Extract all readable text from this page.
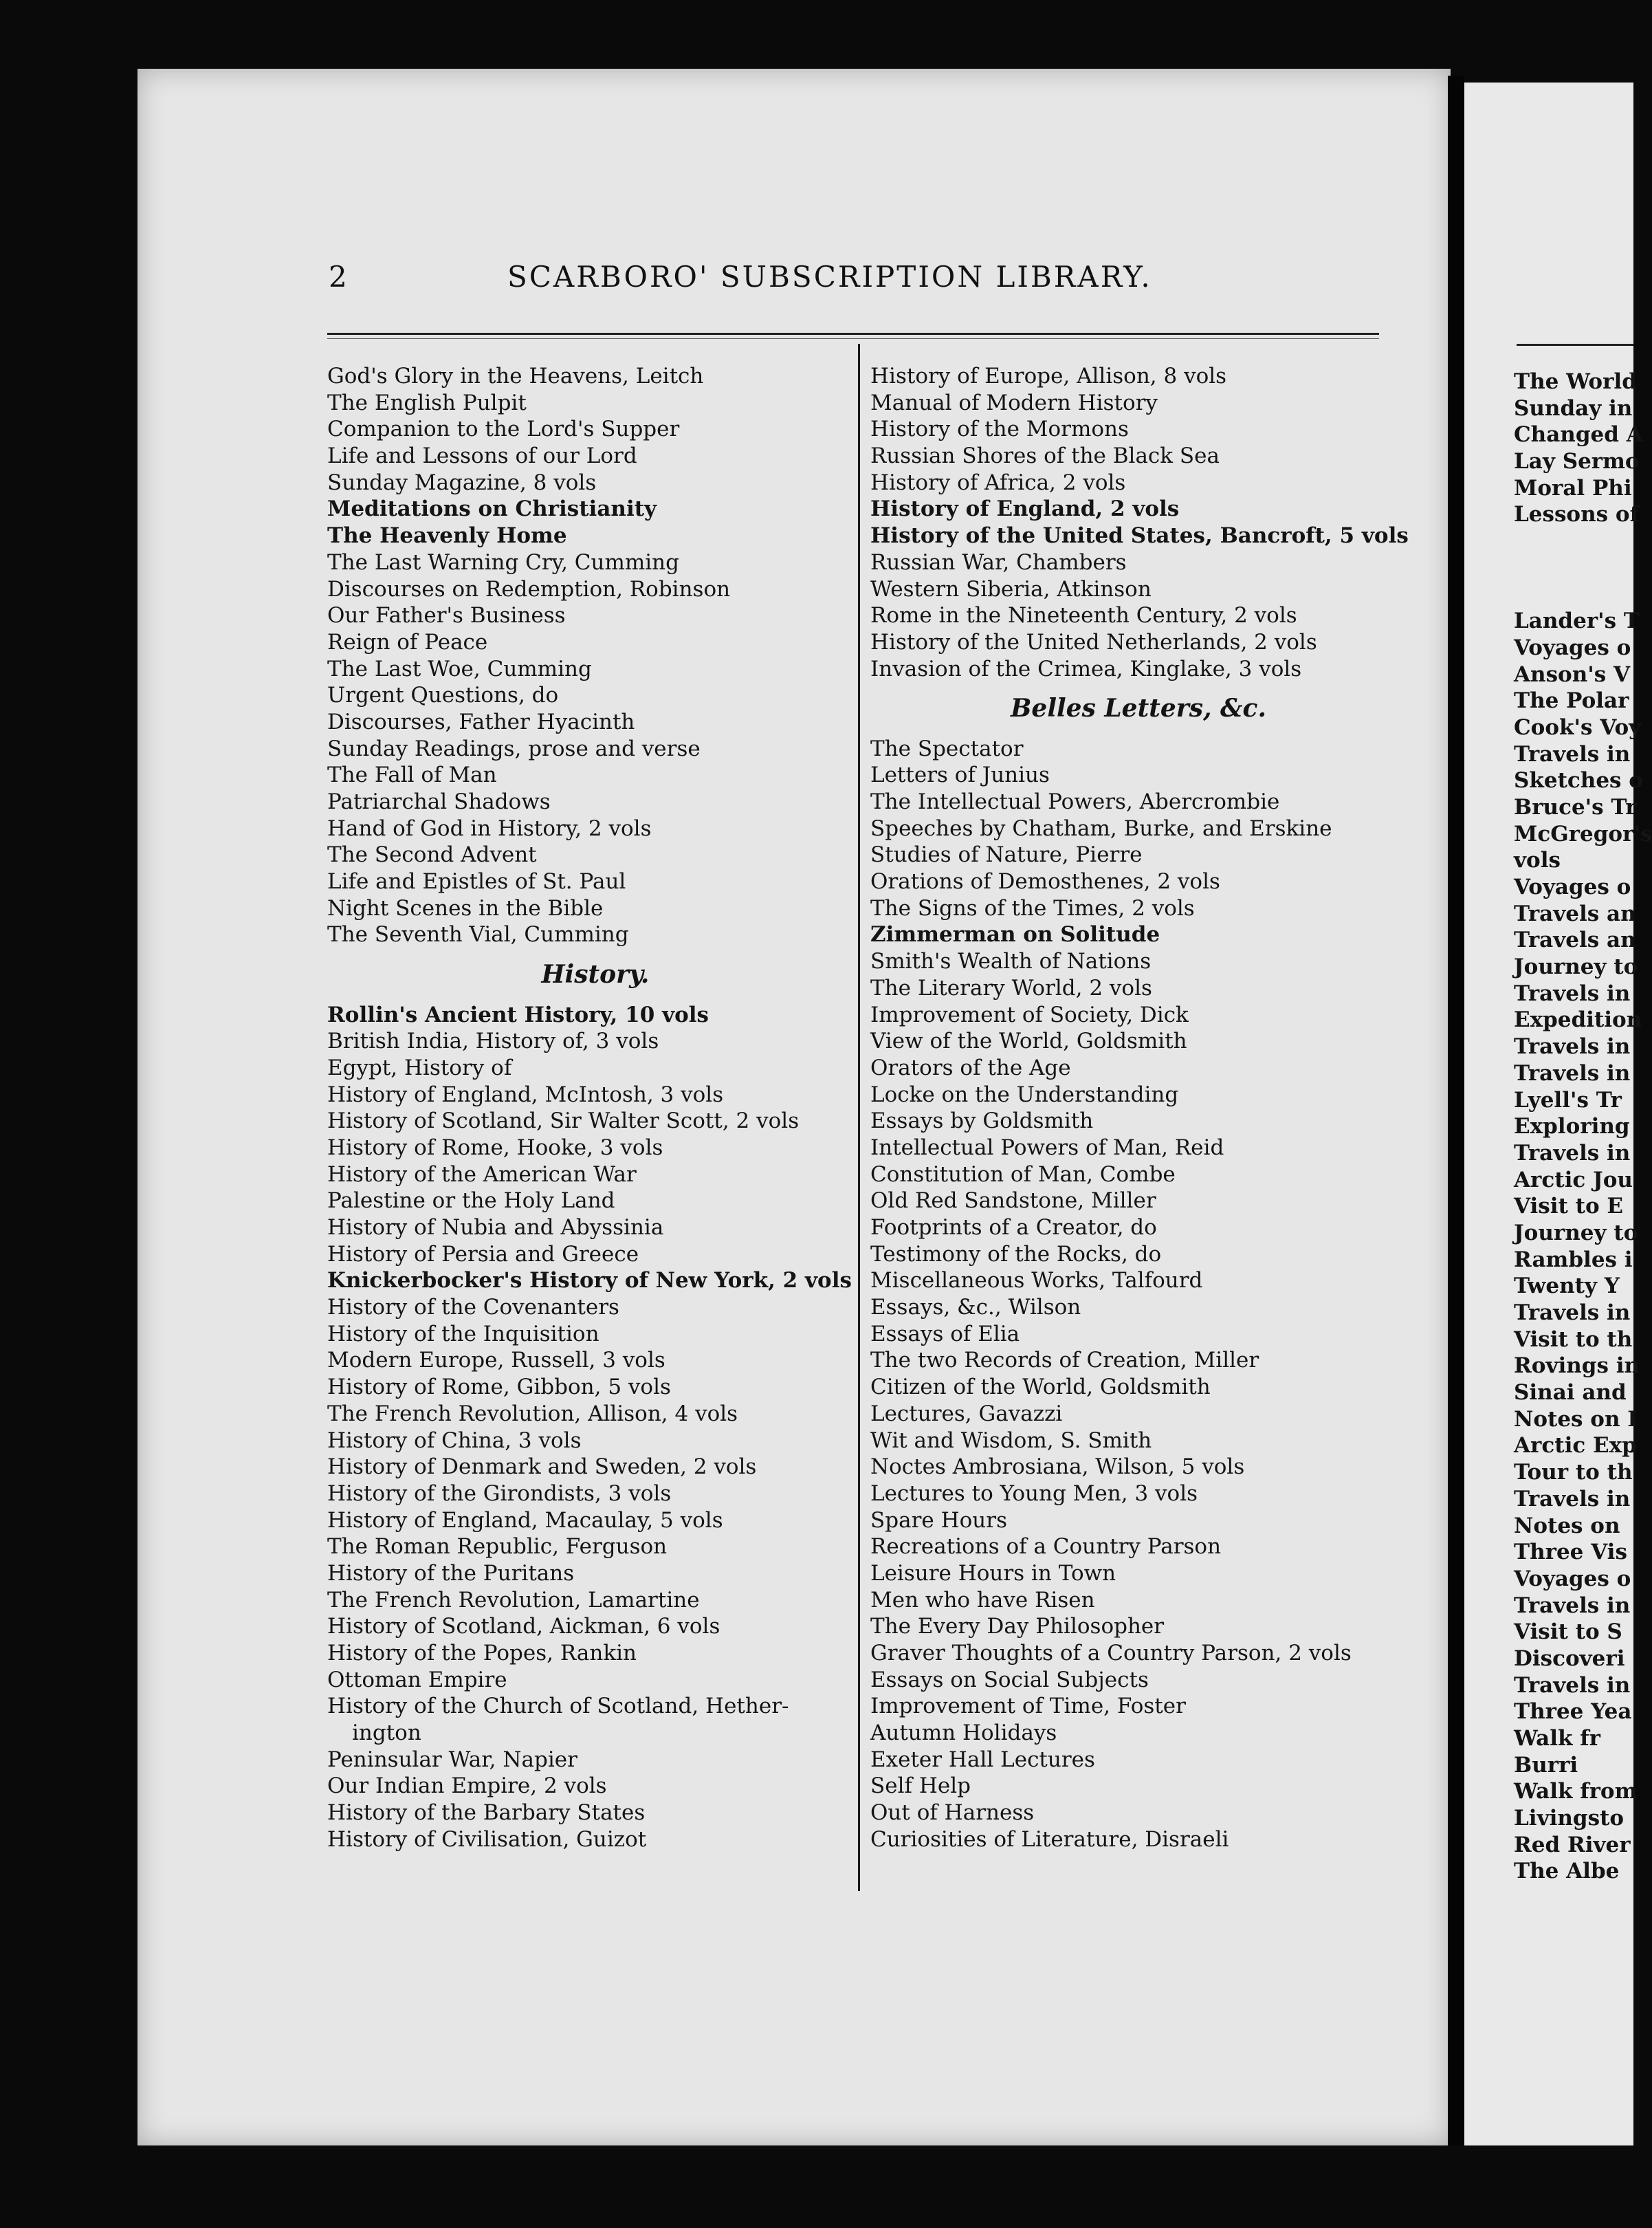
2	SCARBORO' SUBSCRIPTION LIBRARY.
God's Glory in the Heavens, Leitch
The English Pulpit
Companion to the Lord's Supper
Life and Lessons of our Lord
Sunday Magazine, 8 vols
Meditations on Christianity
The Heavenly Home
The Last Warning Cry, Cumming
Discourses on Redemption, Robinson
Our Father's Business
Reign of Peace
The Last Woe, Cumming
Urgent Questions, do
Discourses, Father Hyacinth
Sunday Readings, prose and verse
The Fall of Man
Patriarchal Shadows
Hand of God in History, 2 vols
The Second Advent
Life and Epistles of St. Paul
Night Scenes in the Bible
The Seventh Vial, Cumming
History.
Rollin's Ancient History, 10 vols
British India, History of, 3 vols
Egypt, History of
History of England, McIntosh, 3 vols
History of Scotland, Sir Walter Scott, 2 vols
History of Rome, Hooke, 3 vols
History of the American War
Palestine or the Holy Land
History of Nubia and Abyssinia
History of Persia and Greece
Knickerbocker's History of New York, 2 vols
History of the Covenanters
History of the Inquisition
Modern Europe, Russell, 3 vols
History of Rome, Gibbon, 5 vols
The French Revolution, Allison, 4 vols
History of China, 3 vols
History of Denmark and Sweden, 2 vols
History of the Girondists, 3 vols
History of England, Macaulay, 5 vols
The Roman Republic, Ferguson
History of the Puritans
The French Revolution, Lamartine
History of Scotland, Aickman, 6 vols
History of the Popes, Rankin
Ottoman Empire
History of the Church of Scotland, Hether-
ington
Peninsular War, Napier
Our Indian Empire, 2 vols
History of the Barbary States
History of Civilisation, Guizot
History of Europe, Allison, 8 vols
Manual of Modern History
History of the Mormons
Russian Shores of the Black Sea
History of Africa, 2 vols
History of England, 2 vols
History of the United States, Bancroft, 5 vols
Russian War, Chambers
Western Siberia, Atkinson
Rome in the Nineteenth Century, 2 vols
History of the United Netherlands, 2 vols
Invasion of the Crimea, Kinglake, 3 vols
Belles Letters, &c.
The Spectator
Letters of Junius
The Intellectual Powers, Abercrombie
Speeches by Chatham, Burke, and Erskine
Studies of Nature, Pierre
Orations of Demosthenes, 2 vols
The Signs of the Times, 2 vols
Zimmerman on Solitude
Smith's Wealth of Nations
The Literary World, 2 vols
Improvement of Society, Dick
View of the World, Goldsmith
Orators of the Age
Locke on the Understanding
Essays by Goldsmith
Intellectual Powers of Man, Reid
Constitution of Man, Combe
Old Red Sandstone, Miller
Footprints of a Creator, do
Testimony of the Rocks, do
Miscellaneous Works, Talfourd
Essays, &c., Wilson
Essays of Elia
The two Records of Creation, Miller
Citizen of the World, Goldsmith
Lectures, Gavazzi
Wit and Wisdom, S. Smith
Noctes Ambrosiana, Wilson, 5 vols
Lectures to Young Men, 3 vols
Spare Hours
Recreations of a Country Parson
Leisure Hours in Town
Men who have Risen
The Every Day Philosopher
Graver Thoughts of a Country Parson, 2 vols
Essays on Social Subjects
Improvement of Time, Foster
Autumn Holidays
Exeter Hall Lectures
Self Help
Out of Harness
Curiosities of Literature, Disraeli
The World
Sunday in
Changed A
Lay Sermo
Moral Phi
Lessons of
Lander's T
Voyages o
Anson's V
The Polar
Cook's Voy
Travels in
Sketches o
Bruce's Tr
McGregor's
vols
Voyages o
Travels an
Travels an
Journey to
Travels in
Expedition
Travels in
Travels in
Lyell's Tr
Exploring
Travels in
Arctic Jou
Visit to E
Journey to
Rambles i
Twenty Y
Travels in
Visit to th
Rovings in
Sinai and
Notes on I
Arctic Exp
Tour to th
Travels in
Notes on
Three Vis
Voyages o
Travels in
Visit to S
Discoveri
Travels in
Three Yea
Walk fr
Burri
Walk from
Livingsto
Red River
The Albe
